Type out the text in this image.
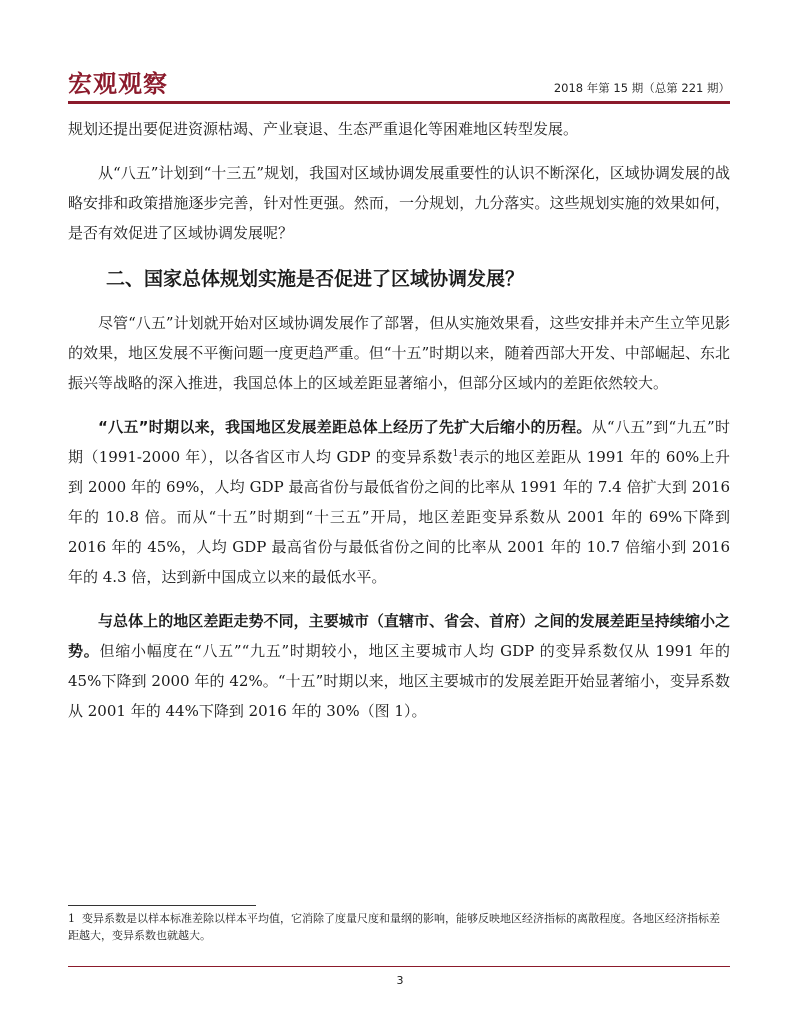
宏观观察	2018 年第 15 期（总第 221 期）

规划还提出要促进资源枯竭、产业衰退、生态严重退化等困难地区转型发展。

从“八五”计划到“十三五”规划，我国对区域协调发展重要性的认识不断深化，区域协调发展的战略安排和政策措施逐步完善，针对性更强。然而，一分规划，九分落实。这些规划实施的效果如何，是否有效促进了区域协调发展呢？

二、国家总体规划实施是否促进了区域协调发展？

尽管“八五”计划就开始对区域协调发展作了部署，但从实施效果看，这些安排并未产生立竿见影的效果，地区发展不平衡问题一度更趋严重。但“十五”时期以来，随着西部大开发、中部崛起、东北振兴等战略的深入推进，我国总体上的区域差距显著缩小，但部分区域内的差距依然较大。

“八五”时期以来，我国地区发展差距总体上经历了先扩大后缩小的历程。从“八五”到“九五”时期（1991-2000 年），以各省区市人均 GDP 的变异系数$^1$表示的地区差距从 1991 年的 60%上升到 2000 年的 69%，人均 GDP 最高省份与最低省份之间的比率从 1991 年的 7.4 倍扩大到 2016 年的 10.8 倍。而从“十五”时期到“十三五”开局，地区差距变异系数从 2001 年的 69%下降到 2016 年的 45%，人均 GDP 最高省份与最低省份之间的比率从 2001 年的 10.7 倍缩小到 2016 年的 4.3 倍，达到新中国成立以来的最低水平。

与总体上的地区差距走势不同，主要城市（直辖市、省会、首府）之间的发展差距呈持续缩小之势。但缩小幅度在“八五”“九五”时期较小，地区主要城市人均 GDP 的变异系数仅从 1991 年的 45%下降到 2000 年的 42%。“十五”时期以来，地区主要城市的发展差距开始显著缩小，变异系数从 2001 年的 44%下降到 2016 年的 30%（图 1）。

1 变异系数是以样本标准差除以样本平均值，它消除了度量尺度和量纲的影响，能够反映地区经济指标的离散程度。各地区经济指标差距越大，变异系数也就越大。
3
